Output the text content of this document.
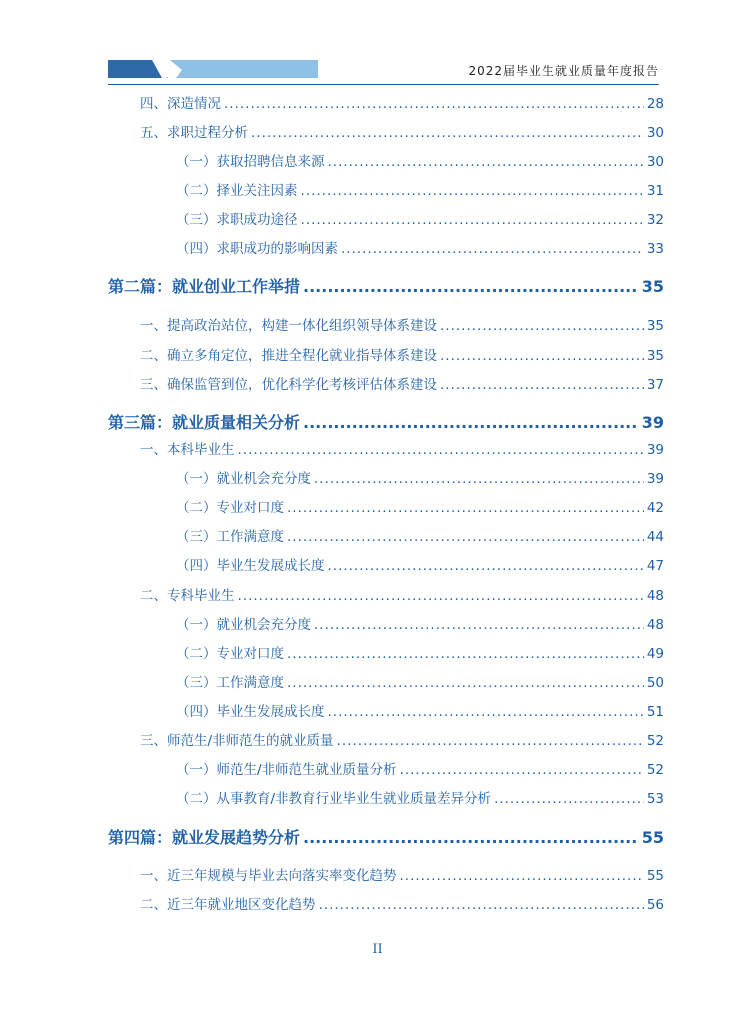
2022届毕业生就业质量年度报告
四、深造情况 .....	28
五、求职过程分析 .....	30
（一）获取招聘信息来源 .....	30
（二）择业关注因素 .....	31
（三）求职成功途径 .....	32
（四）求职成功的影响因素 .....	33
第二篇：就业创业工作举措 .....	35
一、提高政治站位，构建一体化组织领导体系建设 .....	35
二、确立多角定位，推进全程化就业指导体系建设 .....	35
三、确保监管到位，优化科学化考核评估体系建设 .....	37
第三篇：就业质量相关分析 .....	39
一、本科毕业生 .....	39
（一）就业机会充分度 .....	39
（二）专业对口度 .....	42
（三）工作满意度 .....	44
（四）毕业生发展成长度 .....	47
二、专科毕业生 .....	48
（一）就业机会充分度 .....	48
（二）专业对口度 .....	49
（三）工作满意度 .....	50
（四）毕业生发展成长度 .....	51
三、师范生/非师范生的就业质量 .....	52
（一）师范生/非师范生就业质量分析 .....	52
（二）从事教育/非教育行业毕业生就业质量差异分析 .....	53
第四篇：就业发展趋势分析 .....	55
一、近三年规模与毕业去向落实率变化趋势 .....	55
二、近三年就业地区变化趋势 .....	56
II
